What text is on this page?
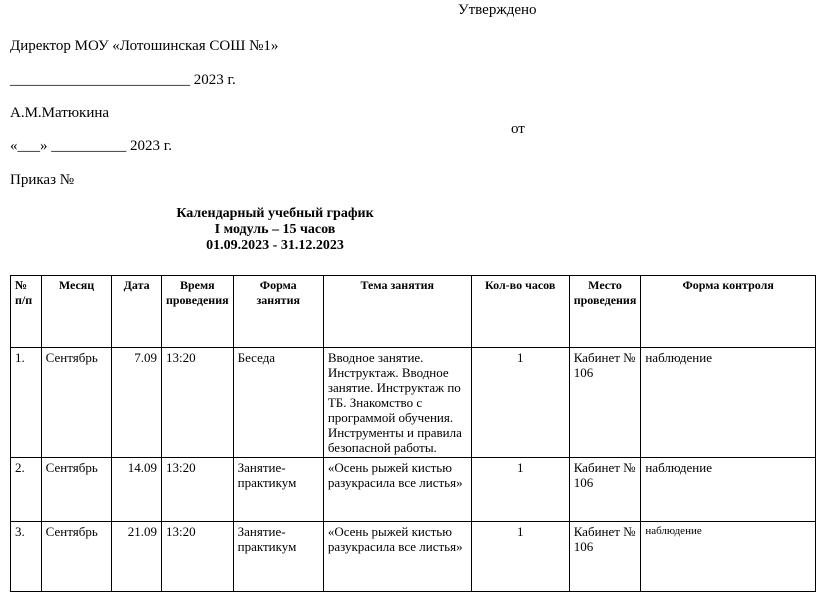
Утверждено
Директор МОУ «Лотошинская СОШ №1»
________________________ 2023 г.
А.М.Матюкина
от
«___» __________ 2023 г.
Приказ №
Календарный учебный график
I модуль – 15 часов
01.09.2023 - 31.12.2023
№ п/п	Месяц	Дата	Время проведения	Форма занятия	Тема занятия	Кол-во часов	Место проведения	Форма контроля
1.	Сентябрь	7.09	13:20	Беседа	Вводное занятие. Инструктаж. Вводное занятие. Инструктаж по ТБ. Знакомство с программой обучения. Инструменты и правила безопасной работы.	1	Кабинет № 106	наблюдение
2.	Сентябрь	14.09	13:20	Занятие-практикум	«Осень рыжей кистью разукрасила все листья»	1	Кабинет № 106	наблюдение
3.	Сентябрь	21.09	13:20	Занятие-практикум	«Осень рыжей кистью разукрасила все листья»	1	Кабинет № 106	наблюдение
